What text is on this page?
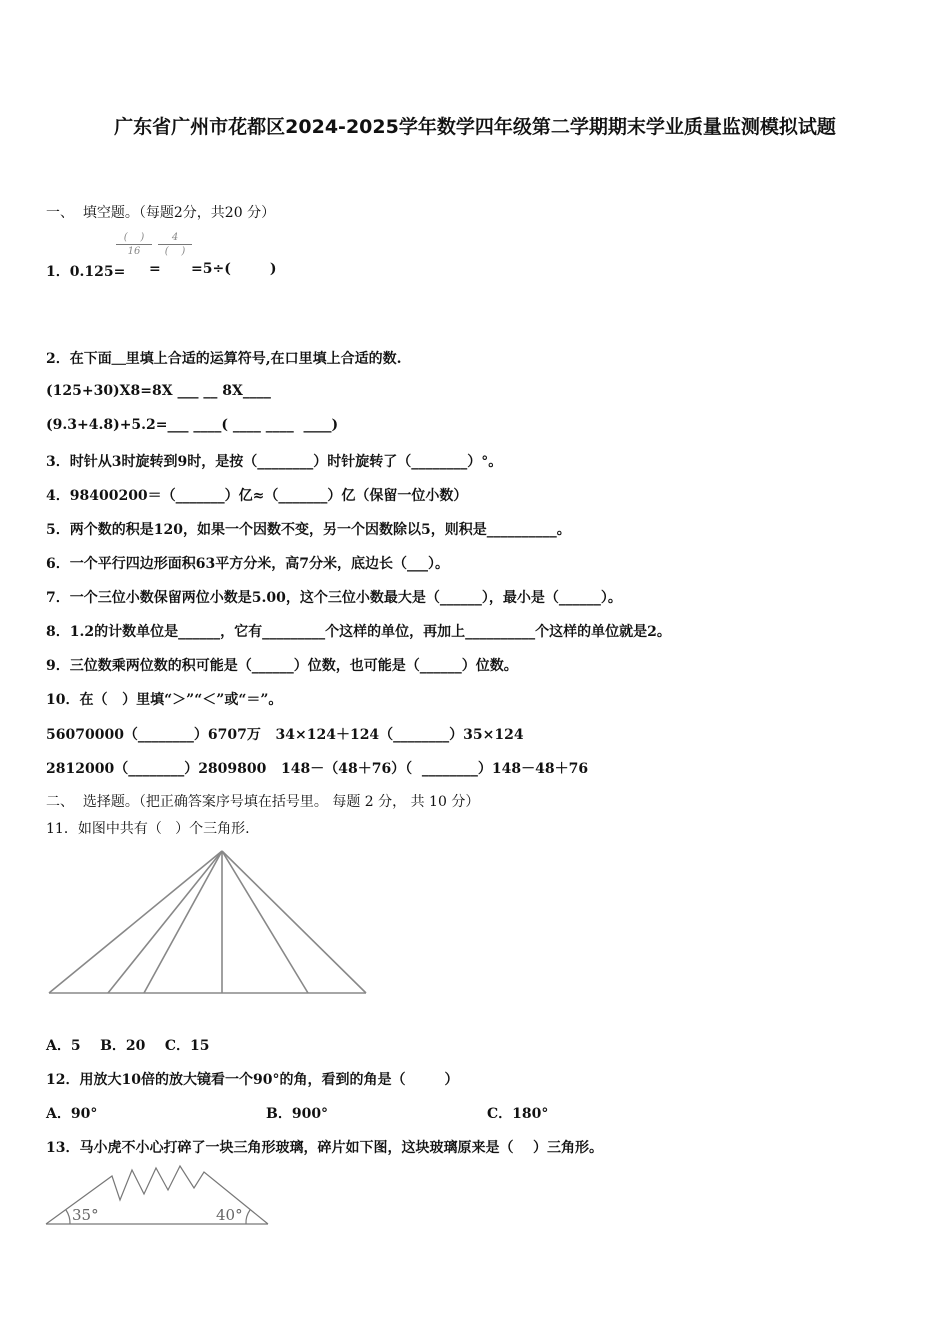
广东省广州市花都区2024-2025学年数学四年级第二学期期末学业质量监测模拟试题
一、  填空题。（每题2分，共20 分）
1．0.125=
(    )
16
=
4
(    )
=5÷(        )
2．在下面＿里填上合适的运算符号,在口里填上合适的数.
(125+30)X8=8X ___ __ 8X____
(9.3+4.8)+5.2=___ ____( ____ ____  ____)
3．时针从3时旋转到9时，是按（________）时针旋转了（________）°。
4．98400200＝（_______）亿≈（_______）亿（保留一位小数）
5．两个数的积是120，如果一个因数不变，另一个因数除以5，则积是__________。
6．一个平行四边形面积63平方分米，高7分米，底边长（___）。
7．一个三位小数保留两位小数是5.00，这个三位小数最大是（______），最小是（______）。
8．1.2的计数单位是______，它有_________个这样的单位，再加上__________个这样的单位就是2。
9．三位数乘两位数的积可能是（______）位数，也可能是（______）位数。
10．在（   ）里填“＞”“＜”或“＝”。
56070000（________）6707万   34×124＋124（________）35×124
2812000（________）2809800   148－（48＋76）（  ________）148－48＋76
二、  选择题。（把正确答案序号填在括号里。 每题 2 分， 共 10 分）
11．如图中共有（   ）个三角形.
A．5    B．20    C．15
12．用放大10倍的放大镜看一个90°的角，看到的角是（        ）
A．90°	B．900°	C．180°
13．马小虎不小心打碎了一块三角形玻璃，碎片如下图，这块玻璃原来是（    ）三角形。
35°	40°
